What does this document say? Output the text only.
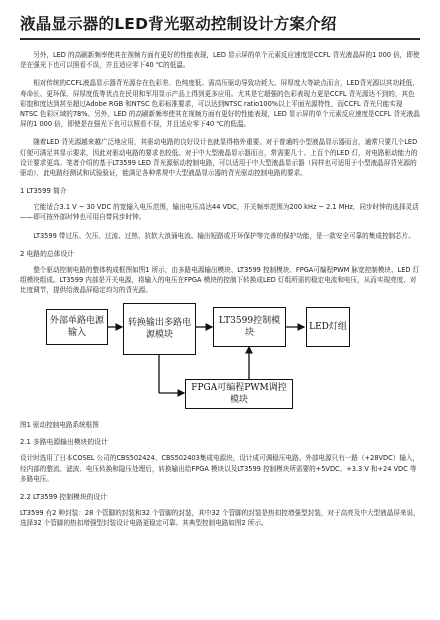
液晶显示器的LED背光驱动控制设计方案介绍

另外，LED 的高刷新频率使其在视频方面有更好的性能表现，LED 显示屏的单个元素反应速度是CCFL 背光液晶屏的1 000 倍，即使是在强光下也可以照看不误，并且适应零下40 ℃的低温。

相对传统的CCFL液晶显示器背光源存在色彩差、色纯度低、需高压驱动导致功耗大、屏厚度大等缺点而言，LED背光源以其功耗低、寿命长、更环保、屏厚度低等优点在民用和军用显示产品上得到更多应用。尤其是它超强的色彩表现力更是CCFL 背光源达不到的，其色彩饱和度达到甚至超过Adobe RGB 和NTSC 色彩标准要求，可以达到NTSC ratio100%以上平面光源特性，而CCFL 背光只能实现NTSC 色彩区域的78%。另外，LED 的高刷新频率使其在视频方面有更好的性能表现，LED 显示屏的单个元素反应速度是CCFL 背光液晶屏的1 000 倍，即使是在强光下也可以照看不误，并且适应零下40 ℃的低温。

随着LED 背光源越来越广泛地应用，其驱动电路的良好设计也就显得格外重要。对于普通的小型液晶显示器而言，通常只要几个LED 灯便可满足其显示要求，因此对驱动电路的要求也较低。对于中大型液晶显示器而言，常需要几十、上百个的LED 灯，对电路驱动能力的设计要求更高。笔者介绍的基于LT3599 LED 背光源驱动控制电路，可以适用于中大型液晶显示器（同样也可适用于小型液晶屏背光源的驱动），此电路经测试和试验验证，能满足各种常规中大型液晶显示器的背光驱动控制电路的要求。

1 LT3599 简介

它能适合3.1 V ~ 30 VDC 的宽输入电压范围，输出电压高达44 VDC，开关频率范围为200 kHz ~ 2.1 MHz，同步时钟的选择灵活——即可按外部时钟也可用自带同步时钟。

LT3599 带过压、欠压、过流、过热、抗软大浪涌电流、输出短路或开环保护等完善的保护功能，是一款安全可靠的集成控制芯片。

2 电路的总体设计

整个驱动控制电路的整体构成框图如图1 所示，由多路电源输出模块、LT3599 控制模块、FPGA可编程PWM 脉宽控制模块、LED 灯组模块组成。LT3599 内部是开关电源，将输入的电压在FPGA 模块的控制下转换成LED 灯组所需的稳定电流和电压，从而实现亮度、对比度调节，提供给液晶屏稳定均匀的背光源。

外部单路电源输入
转换输出多路电源模块
LT3599控制模块
LED灯组
FPGA可编程PWM调控模块
图1 驱动控制电路系统框图
2.1 多路电源输出模块的设计

设计时选用了日本COSEL 公司的CBS502424、CBS502403集成电源块，设计成可调稳压电路。外部电源只有一路（+28VDC）输入，经内部的整流、滤波、电压转换和隐压处理后，转换输出给FPGA 模块以及LT3599 控制模块所需要的+5VDC、+3.3 V 和+24 VDC 等多路电压。

2.2 LT3599 控制模块的设计

LT3599 有2 种封装：28 个管脚的封装和32 个管脚的封装，其中32 个管脚的封装是热扣控增强型封装，对于高亮及中大型液晶屏来说，选择32 个管脚的热扣增强型封装设计电路更稳定可靠。其典型控制电路如图2 所示。
